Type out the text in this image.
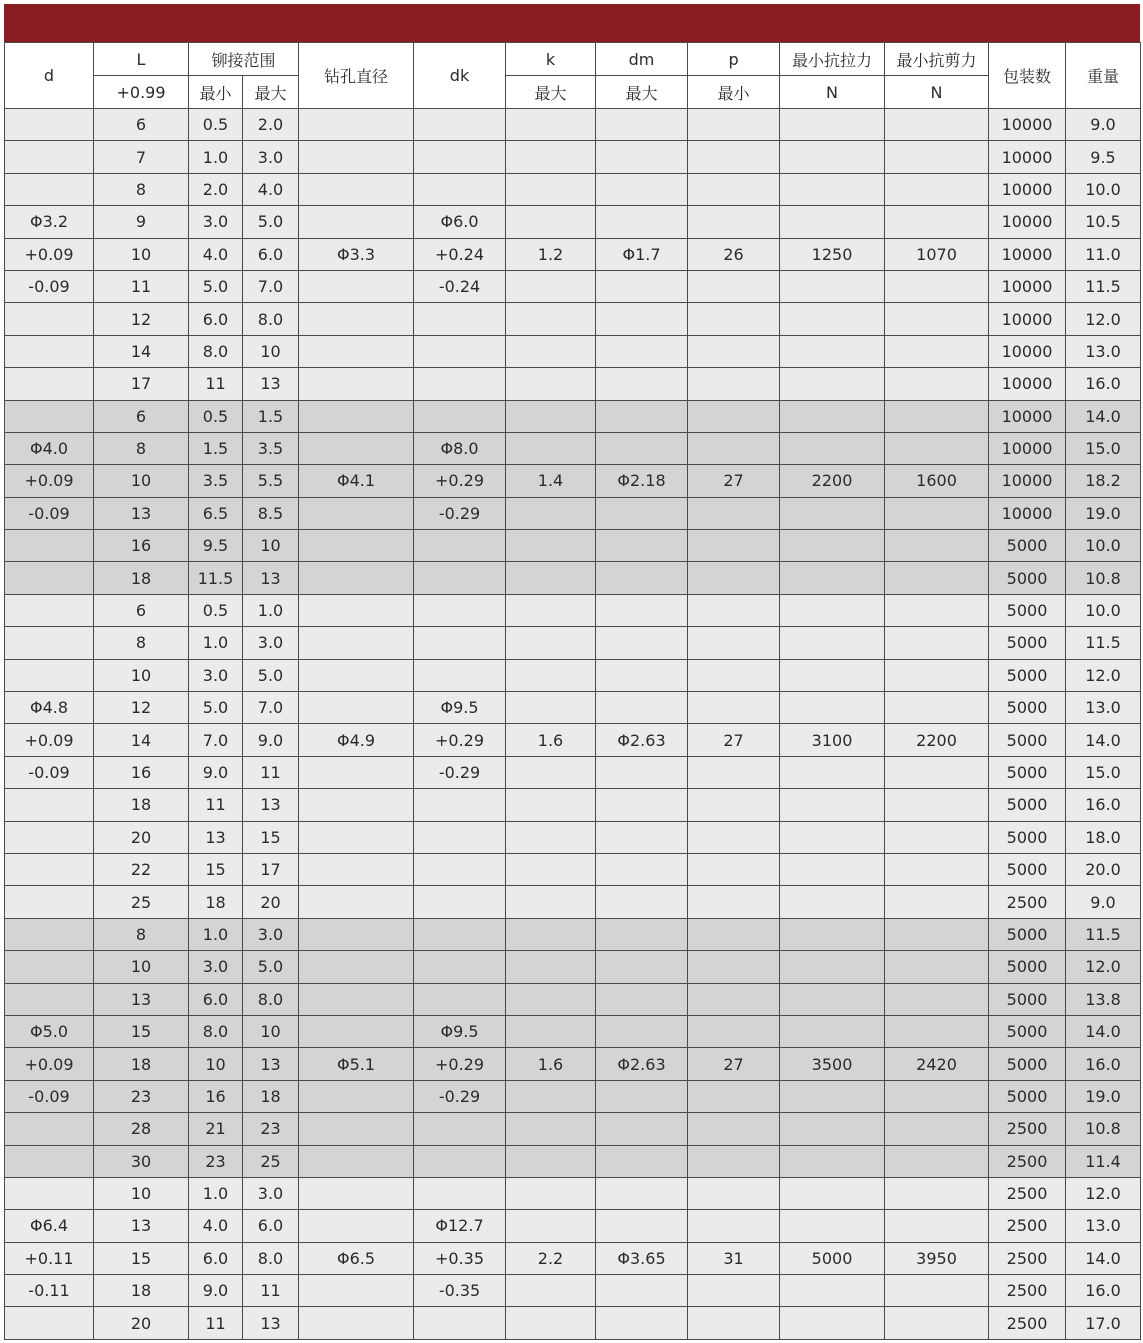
d	L	铆接范围		钻孔直径	dk	k	dm	p	最小抗拉力	最小抗剪力	包装数	重量
	+0.99	最小	最大			最大	最大	最小	N	N		
	6	0.5	2.0								10000	9.0
	7	1.0	3.0								10000	9.5
	8	2.0	4.0								10000	10.0
Φ3.2	9	3.0	5.0		Φ6.0						10000	10.5
+0.09	10	4.0	6.0	Φ3.3	+0.24	1.2	Φ1.7	26	1250	1070	10000	11.0
-0.09	11	5.0	7.0		-0.24						10000	11.5
	12	6.0	8.0								10000	12.0
	14	8.0	10								10000	13.0
	17	11	13								10000	16.0
	6	0.5	1.5								10000	14.0
Φ4.0	8	1.5	3.5		Φ8.0						10000	15.0
+0.09	10	3.5	5.5	Φ4.1	+0.29	1.4	Φ2.18	27	2200	1600	10000	18.2
-0.09	13	6.5	8.5		-0.29						10000	19.0
	16	9.5	10								5000	10.0
	18	11.5	13								5000	10.8
	6	0.5	1.0								5000	10.0
	8	1.0	3.0								5000	11.5
	10	3.0	5.0								5000	12.0
Φ4.8	12	5.0	7.0		Φ9.5						5000	13.0
+0.09	14	7.0	9.0	Φ4.9	+0.29	1.6	Φ2.63	27	3100	2200	5000	14.0
-0.09	16	9.0	11		-0.29						5000	15.0
	18	11	13								5000	16.0
	20	13	15								5000	18.0
	22	15	17								5000	20.0
	25	18	20								2500	9.0
	8	1.0	3.0								5000	11.5
	10	3.0	5.0								5000	12.0
	13	6.0	8.0								5000	13.8
Φ5.0	15	8.0	10		Φ9.5						5000	14.0
+0.09	18	10	13	Φ5.1	+0.29	1.6	Φ2.63	27	3500	2420	5000	16.0
-0.09	23	16	18		-0.29						5000	19.0
	28	21	23								2500	10.8
	30	23	25								2500	11.4
	10	1.0	3.0								2500	12.0
Φ6.4	13	4.0	6.0		Φ12.7						2500	13.0
+0.11	15	6.0	8.0	Φ6.5	+0.35	2.2	Φ3.65	31	5000	3950	2500	14.0
-0.11	18	9.0	11		-0.35						2500	16.0
	20	11	13								2500	17.0
